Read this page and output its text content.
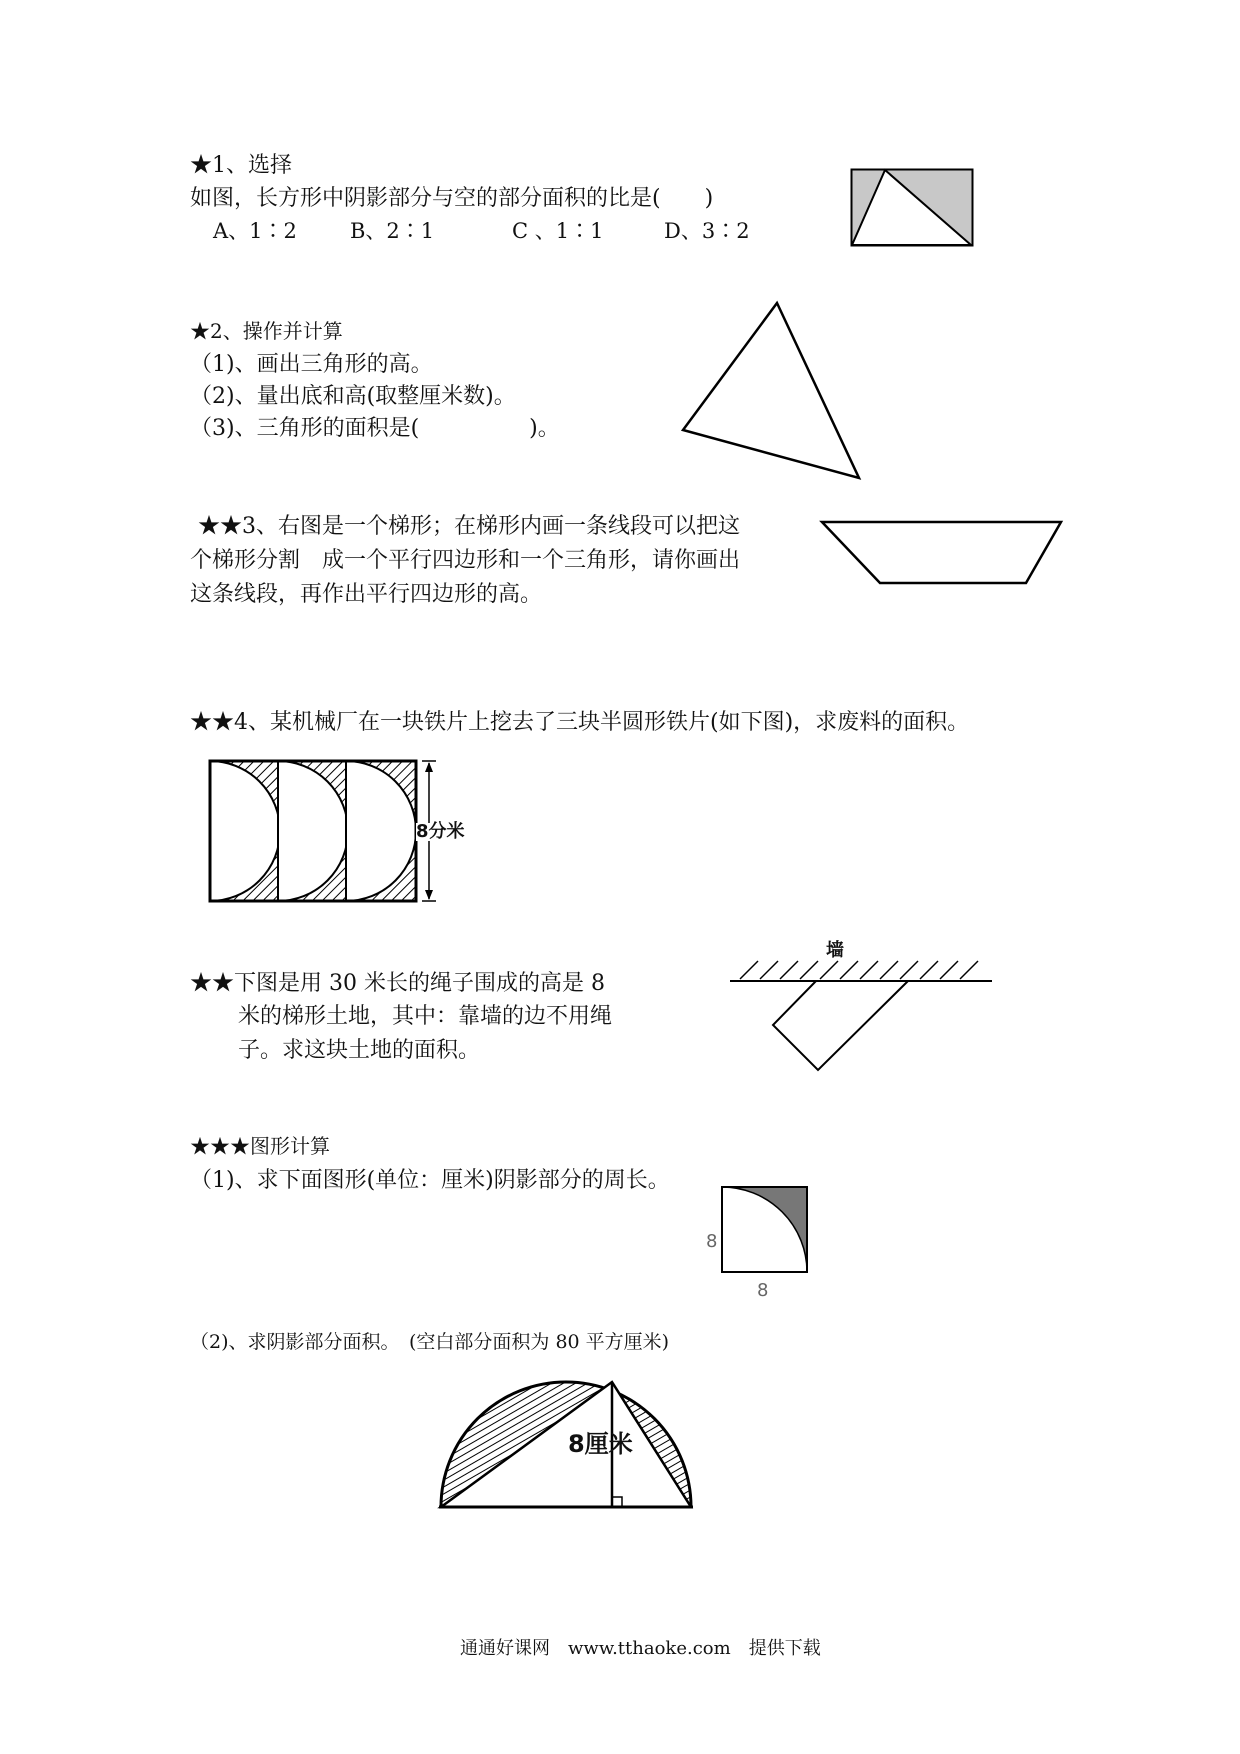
★1、选择
如图，长方形中阴影部分与空的部分面积的比是(　　)
A、1∶2	B、2∶1	C 、1∶1	D、3∶2
★2、操作并计算
（1)、画出三角形的高。
（2)、量出底和高(取整厘米数)。
（3)、三角形的面积是(　　　　　)。
★★3、右图是一个梯形；在梯形内画一条线段可以把这
个梯形分割　成一个平行四边形和一个三角形，请你画出
这条线段，再作出平行四边形的高。
★★4、某机械厂在一块铁片上挖去了三块半圆形铁片(如下图)，求废料的面积。
8分米
★★下图是用 30 米长的绳子围成的高是 8
米的梯形土地，其中：靠墙的边不用绳
子。求这块土地的面积。
墙
★★★图形计算
（1)、求下面图形(单位：厘米)阴影部分的周长。
8
8
（2)、求阴影部分面积。　(空白部分面积为 80 平方厘米)
8厘米
通通好课网　www.tthaoke.com　提供下载
